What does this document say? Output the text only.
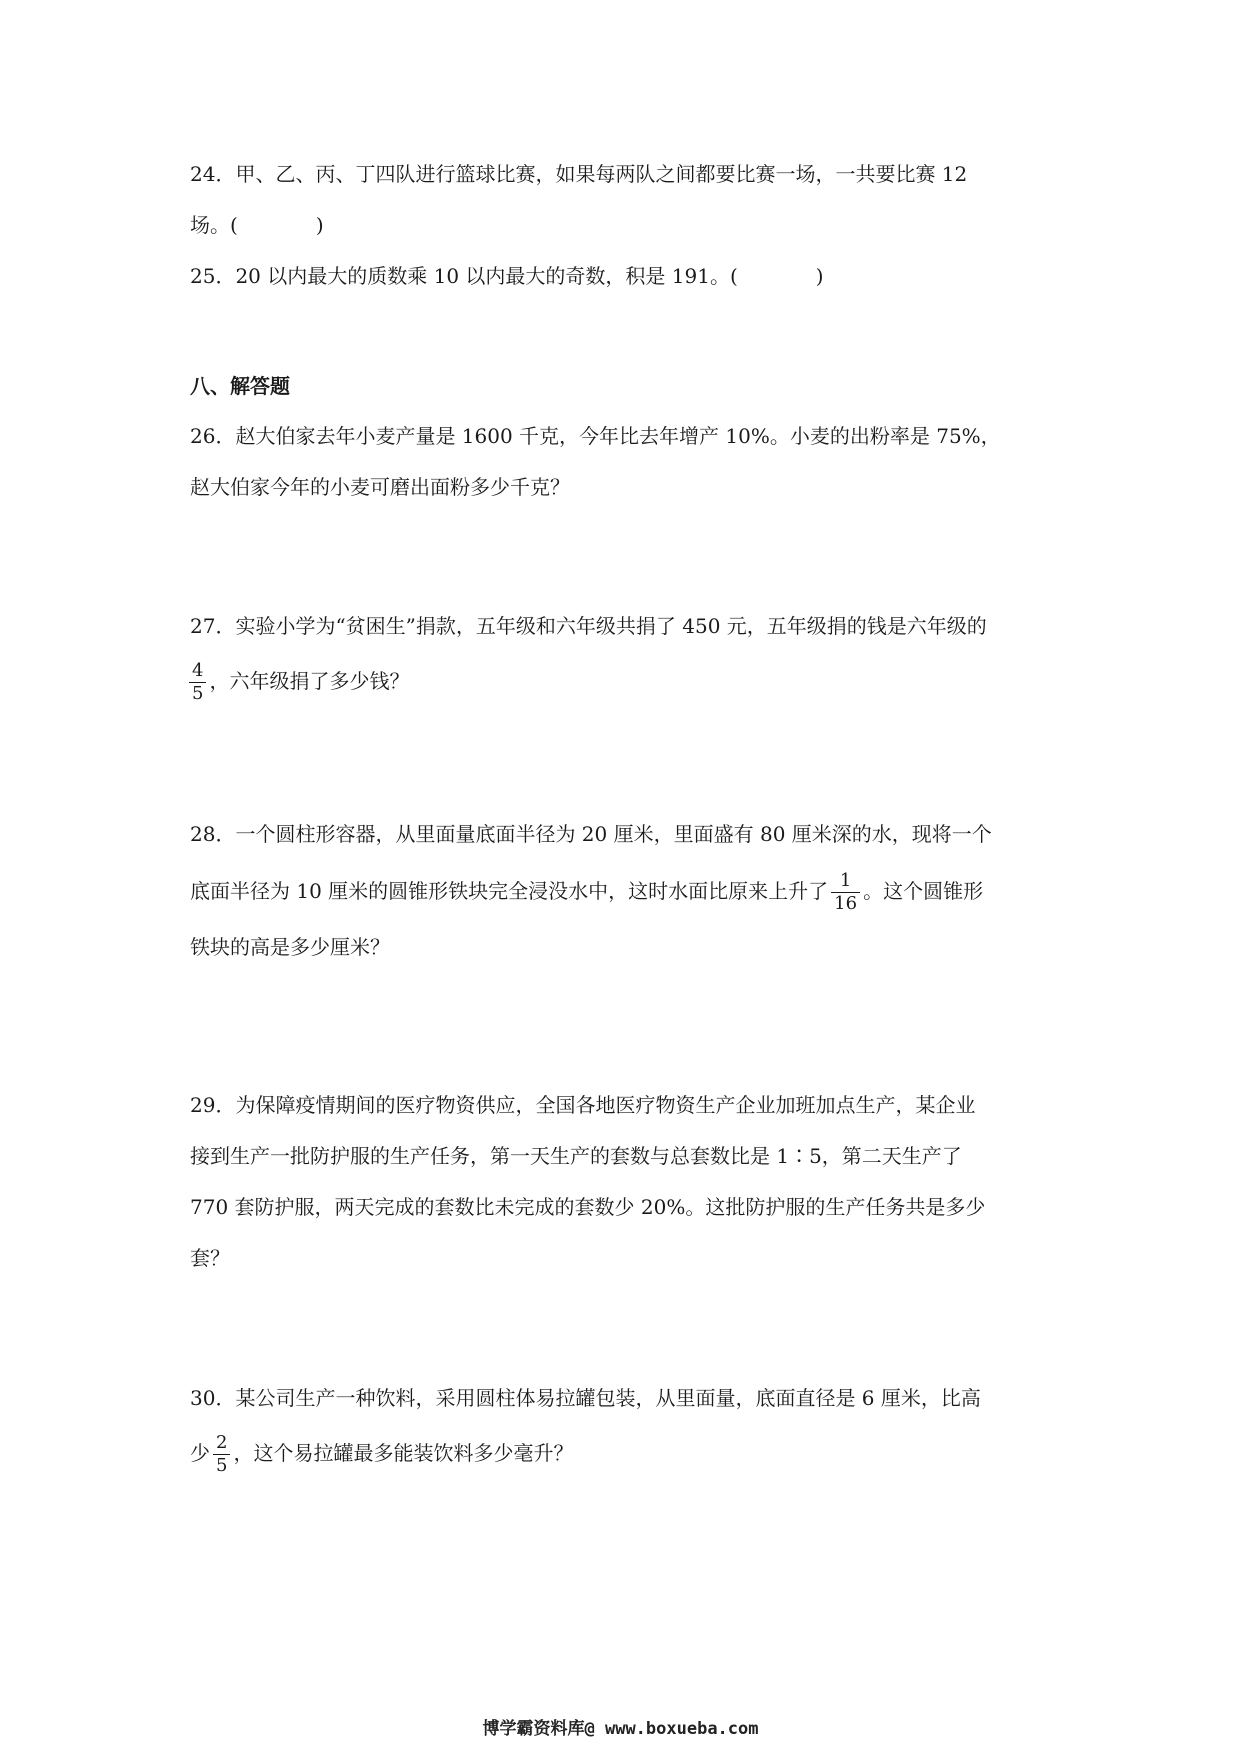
24．甲、乙、丙、丁四队进行篮球比赛，如果每两队之间都要比赛一场，一共要比赛 12
场。(	)
25．20 以内最大的质数乘 10 以内最大的奇数，积是 191。(	)
八、解答题
26．赵大伯家去年小麦产量是 1600 千克，今年比去年增产 10%。小麦的出粉率是 75%，
赵大伯家今年的小麦可磨出面粉多少千克？
27．实验小学为“贫困生”捐款，五年级和六年级共捐了 450 元，五年级捐的钱是六年级的
$\frac{4}{5}$ ，六年级捐了多少钱？
28．一个圆柱形容器，从里面量底面半径为 20 厘米，里面盛有 80 厘米深的水，现将一个
底面半径为 10 厘米的圆锥形铁块完全浸没水中，这时水面比原来上升了 $\frac{1}{16}$ 。这个圆锥形
铁块的高是多少厘米？
29．为保障疫情期间的医疗物资供应，全国各地医疗物资生产企业加班加点生产，某企业
接到生产一批防护服的生产任务，第一天生产的套数与总套数比是 1∶5，第二天生产了
770 套防护服，两天完成的套数比未完成的套数少 20%。这批防护服的生产任务共是多少
套？
30．某公司生产一种饮料，采用圆柱体易拉罐包装，从里面量，底面直径是 6 厘米，比高
少 $\frac{2}{5}$ ，这个易拉罐最多能装饮料多少毫升？
博学霸资料库@ www.boxueba.com
